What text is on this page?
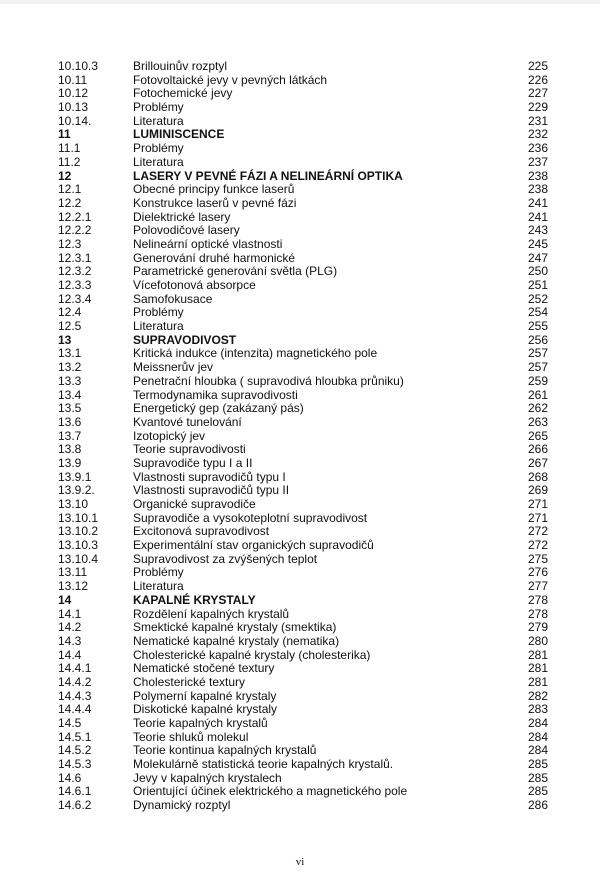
10.10.3	Brillouinův rozptyl	225
10.11	Fotovoltaické jevy v pevných látkách	226
10.12	Fotochemické jevy	227
10.13	Problémy	229
10.14.	Literatura	231
11	LUMINISCENCE	232
11.1	Problémy	236
11.2	Literatura	237
12	LASERY V PEVNÉ FÁZI A NELINEÁRNÍ OPTIKA	238
12.1	Obecné principy funkce laserů	238
12.2	Konstrukce laserů v pevné fázi	241
12.2.1	Dielektrické lasery	241
12.2.2	Polovodičové lasery	243
12.3	Nelineární optické vlastnosti	245
12.3.1	Generování druhé harmonické	247
12.3.2	Parametrické generování světla (PLG)	250
12.3.3	Vícefotonová absorpce	251
12.3.4	Samofokusace	252
12.4	Problémy	254
12.5	Literatura	255
13	SUPRAVODIVOST	256
13.1	Kritická indukce (intenzita) magnetického pole	257
13.2	Meissnerův jev	257
13.3	Penetrační hloubka ( supravodivá hloubka průniku)	259
13.4	Termodynamika supravodivosti	261
13.5	Energetický gep (zakázaný pás)	262
13.6	Kvantové tunelování	263
13.7	Izotopický jev	265
13.8	Teorie supravodivosti	266
13.9	Supravodiče typu I a II	267
13.9.1	Vlastnosti supravodičů typu I	268
13.9.2.	Vlastnosti supravodičů typu II	269
13.10	Organické supravodiče	271
13.10.1	Supravodiče a vysokoteplotní supravodivost	271
13.10.2	Excitonová supravodivost	272
13.10.3	Experimentální stav organických supravodičů	272
13.10.4	Supravodivost za zvýšených teplot	275
13.11	Problémy	276
13.12	Literatura	277
14	KAPALNÉ KRYSTALY	278
14.1	Rozdělení kapalných krystalů	278
14.2	Smektické kapalné krystaly (smektika)	279
14.3	Nematické kapalné krystaly (nematika)	280
14.4	Cholesterické kapalné krystaly (cholesterika)	281
14.4.1	Nematické stočené textury	281
14.4.2	Cholesterické textury	281
14.4.3	Polymerní kapalné krystaly	282
14.4.4	Diskotické kapalné krystaly	283
14.5	Teorie kapalných krystalů	284
14.5.1	Teorie shluků molekul	284
14.5.2	Teorie kontinua kapalných krystalů	284
14.5.3	Molekulárně statistická teorie kapalných krystalů.	285
14.6	Jevy v kapalných krystalech	285
14.6.1	Orientující účinek elektrického a magnetického pole	285
14.6.2	Dynamický rozptyl	286
vi
